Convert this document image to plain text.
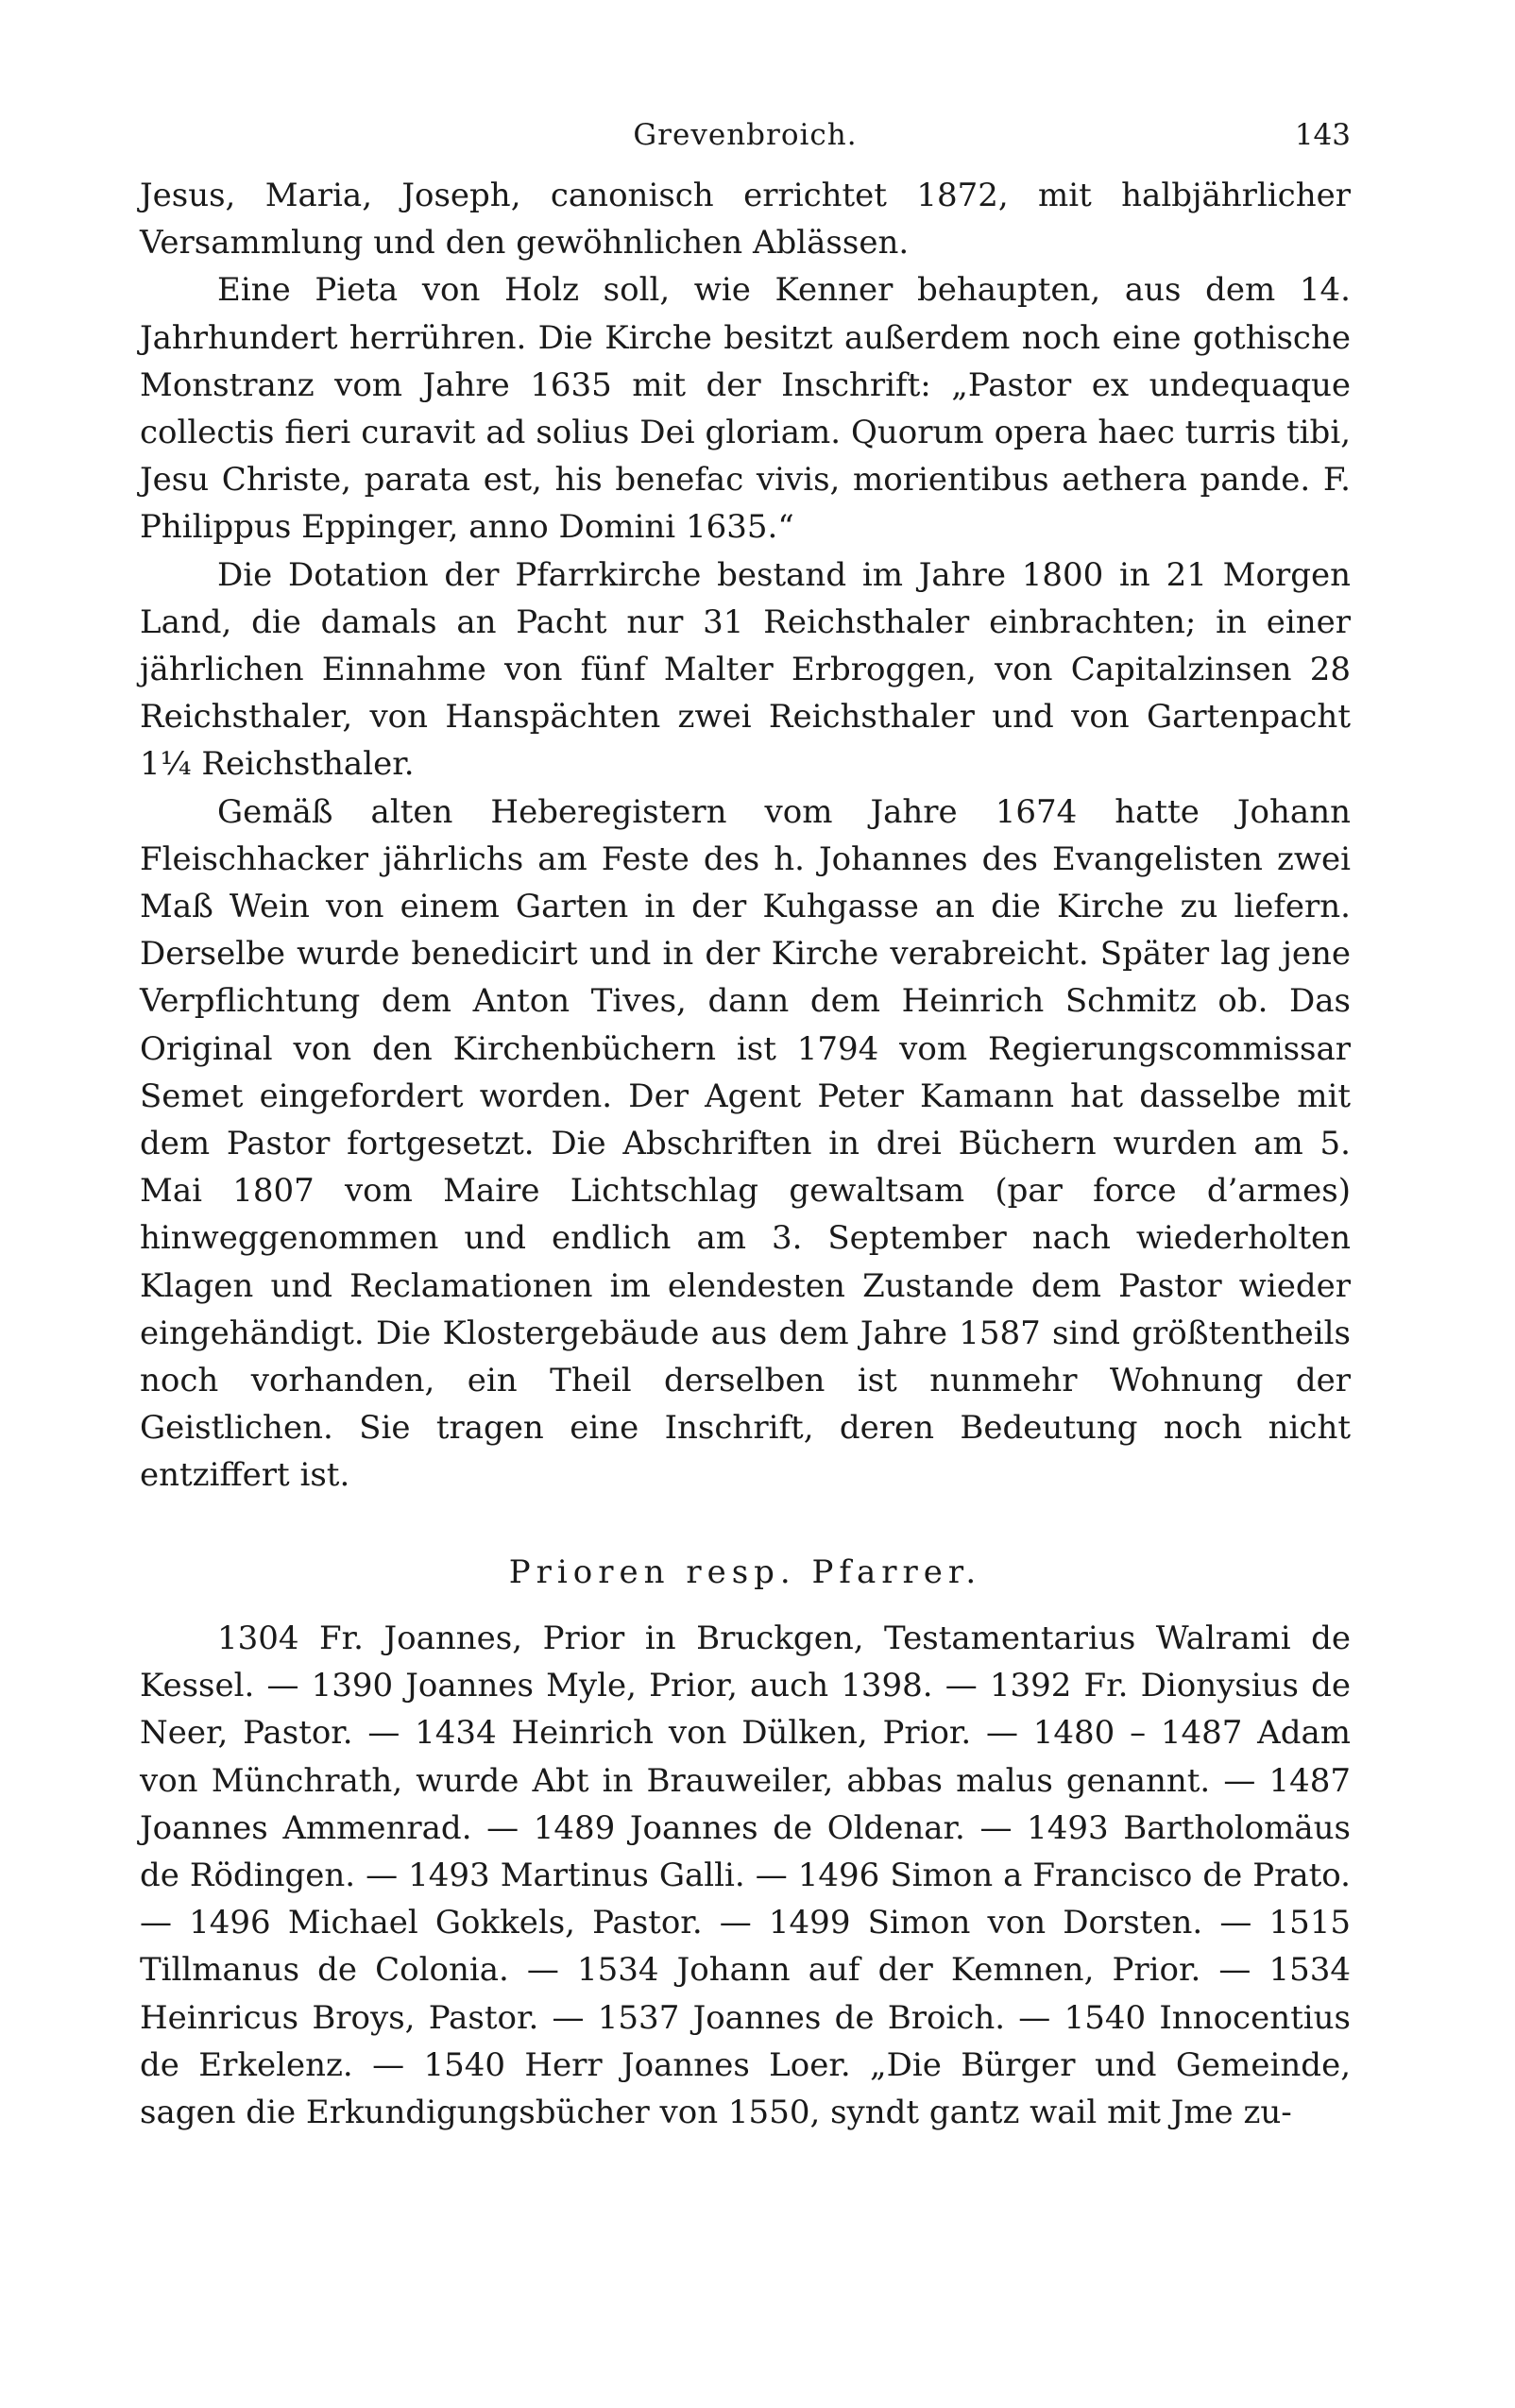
Grevenbroich.	143

Jesus, Maria, Joseph, canonisch errichtet 1872, mit halbjährlicher Versammlung und den gewöhnlichen Ablässen.

Eine Pieta von Holz soll, wie Kenner behaupten, aus dem 14. Jahrhundert herrühren. Die Kirche besitzt außerdem noch eine gothische Monstranz vom Jahre 1635 mit der Inschrift: „Pastor ex undequaque collectis fieri curavit ad solius Dei gloriam. Quorum opera haec turris tibi, Jesu Christe, parata est, his benefac vivis, morientibus aethera pande. F. Philippus Eppinger, anno Domini 1635.“

Die Dotation der Pfarrkirche bestand im Jahre 1800 in 21 Morgen Land, die damals an Pacht nur 31 Reichsthaler einbrachten; in einer jährlichen Einnahme von fünf Malter Erbroggen, von Capitalzinsen 28 Reichsthaler, von Hanspächten zwei Reichsthaler und von Gartenpacht 1¼ Reichsthaler.

Gemäß alten Heberegistern vom Jahre 1674 hatte Johann Fleischhacker jährlichs am Feste des h. Johannes des Evangelisten zwei Maß Wein von einem Garten in der Kuhgasse an die Kirche zu liefern. Derselbe wurde benedicirt und in der Kirche verabreicht. Später lag jene Verpflichtung dem Anton Tives, dann dem Heinrich Schmitz ob. Das Original von den Kirchenbüchern ist 1794 vom Regierungscommissar Semet eingefordert worden. Der Agent Peter Kamann hat dasselbe mit dem Pastor fortgesetzt. Die Abschriften in drei Büchern wurden am 5. Mai 1807 vom Maire Lichtschlag gewaltsam (par force d’armes) hinweggenommen und endlich am 3. September nach wiederholten Klagen und Reclamationen im elendesten Zustande dem Pastor wieder eingehändigt. Die Klostergebäude aus dem Jahre 1587 sind größtentheils noch vorhanden, ein Theil derselben ist nunmehr Wohnung der Geistlichen. Sie tragen eine Inschrift, deren Bedeutung noch nicht entziffert ist.

Prioren resp. Pfarrer.

1304 Fr. Joannes, Prior in Bruckgen, Testamentarius Walrami de Kessel. — 1390 Joannes Myle, Prior, auch 1398. — 1392 Fr. Dionysius de Neer, Pastor. — 1434 Heinrich von Dülken, Prior. — 1480 – 1487 Adam von Münchrath, wurde Abt in Brauweiler, abbas malus genannt. — 1487 Joannes Ammenrad. — 1489 Joannes de Oldenar. — 1493 Bartholomäus de Rödingen. — 1493 Martinus Galli. — 1496 Simon a Francisco de Prato. — 1496 Michael Gokkels, Pastor. — 1499 Simon von Dorsten. — 1515 Tillmanus de Colonia. — 1534 Johann auf der Kemnen, Prior. — 1534 Heinricus Broys, Pastor. — 1537 Joannes de Broich. — 1540 Innocentius de Erkelenz. — 1540 Herr Joannes Loer. „Die Bürger und Gemeinde, sagen die Erkundigungsbücher von 1550, syndt gantz wail mit Jme zu-
